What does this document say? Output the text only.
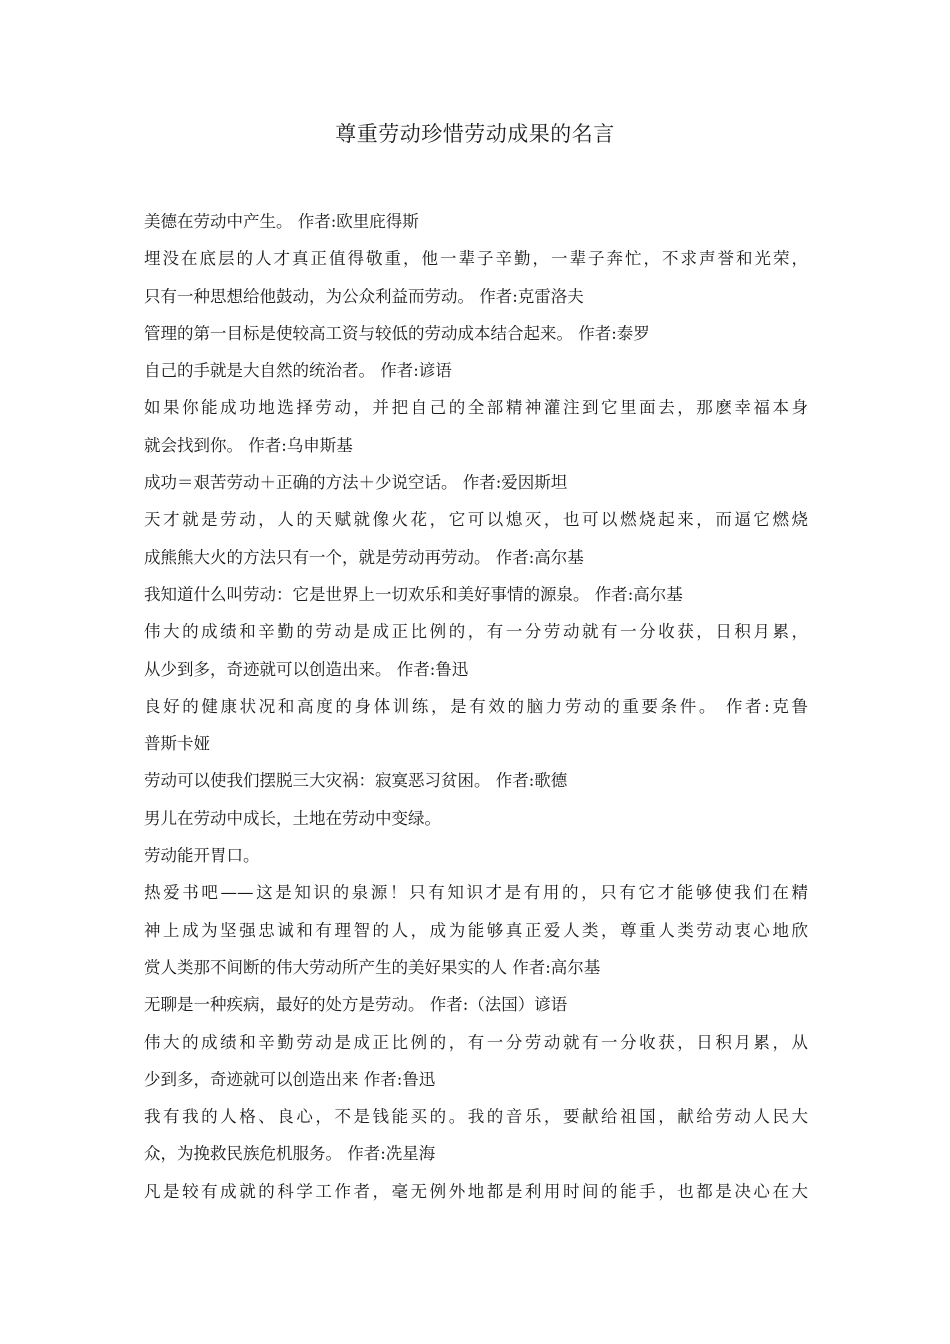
尊重劳动珍惜劳动成果的名言
美德在劳动中产生。 作者:欧里庇得斯
埋没在底层的人才真正值得敬重，他一辈子辛勤，一辈子奔忙，不求声誉和光荣，
只有一种思想给他鼓动，为公众利益而劳动。 作者:克雷洛夫
管理的第一目标是使较高工资与较低的劳动成本结合起来。 作者:泰罗
自己的手就是大自然的统治者。 作者:谚语
如果你能成功地选择劳动，并把自己的全部精神灌注到它里面去，那麽幸福本身
就会找到你。 作者:乌申斯基
成功＝艰苦劳动＋正确的方法＋少说空话。 作者:爱因斯坦
天才就是劳动，人的天赋就像火花，它可以熄灭，也可以燃烧起来，而逼它燃烧
成熊熊大火的方法只有一个，就是劳动再劳动。 作者:高尔基
我知道什么叫劳动：它是世界上一切欢乐和美好事情的源泉。 作者:高尔基
伟大的成绩和辛勤的劳动是成正比例的，有一分劳动就有一分收获，日积月累，
从少到多，奇迹就可以创造出来。 作者:鲁迅
良好的健康状况和高度的身体训练，是有效的脑力劳动的重要条件。 作者:克鲁
普斯卡娅
劳动可以使我们摆脱三大灾祸：寂寞恶习贫困。 作者:歌德
男儿在劳动中成长，土地在劳动中变绿。
劳动能开胃口。
热爱书吧——这是知识的泉源！只有知识才是有用的，只有它才能够使我们在精
神上成为坚强忠诚和有理智的人，成为能够真正爱人类，尊重人类劳动衷心地欣
赏人类那不间断的伟大劳动所产生的美好果实的人 作者:高尔基
无聊是一种疾病，最好的处方是劳动。 作者:（法国）谚语
伟大的成绩和辛勤劳动是成正比例的，有一分劳动就有一分收获，日积月累，从
少到多，奇迹就可以创造出来 作者:鲁迅
我有我的人格、良心，不是钱能买的。我的音乐，要献给祖国，献给劳动人民大
众，为挽救民族危机服务。 作者:冼星海
凡是较有成就的科学工作者，毫无例外地都是利用时间的能手，也都是决心在大
